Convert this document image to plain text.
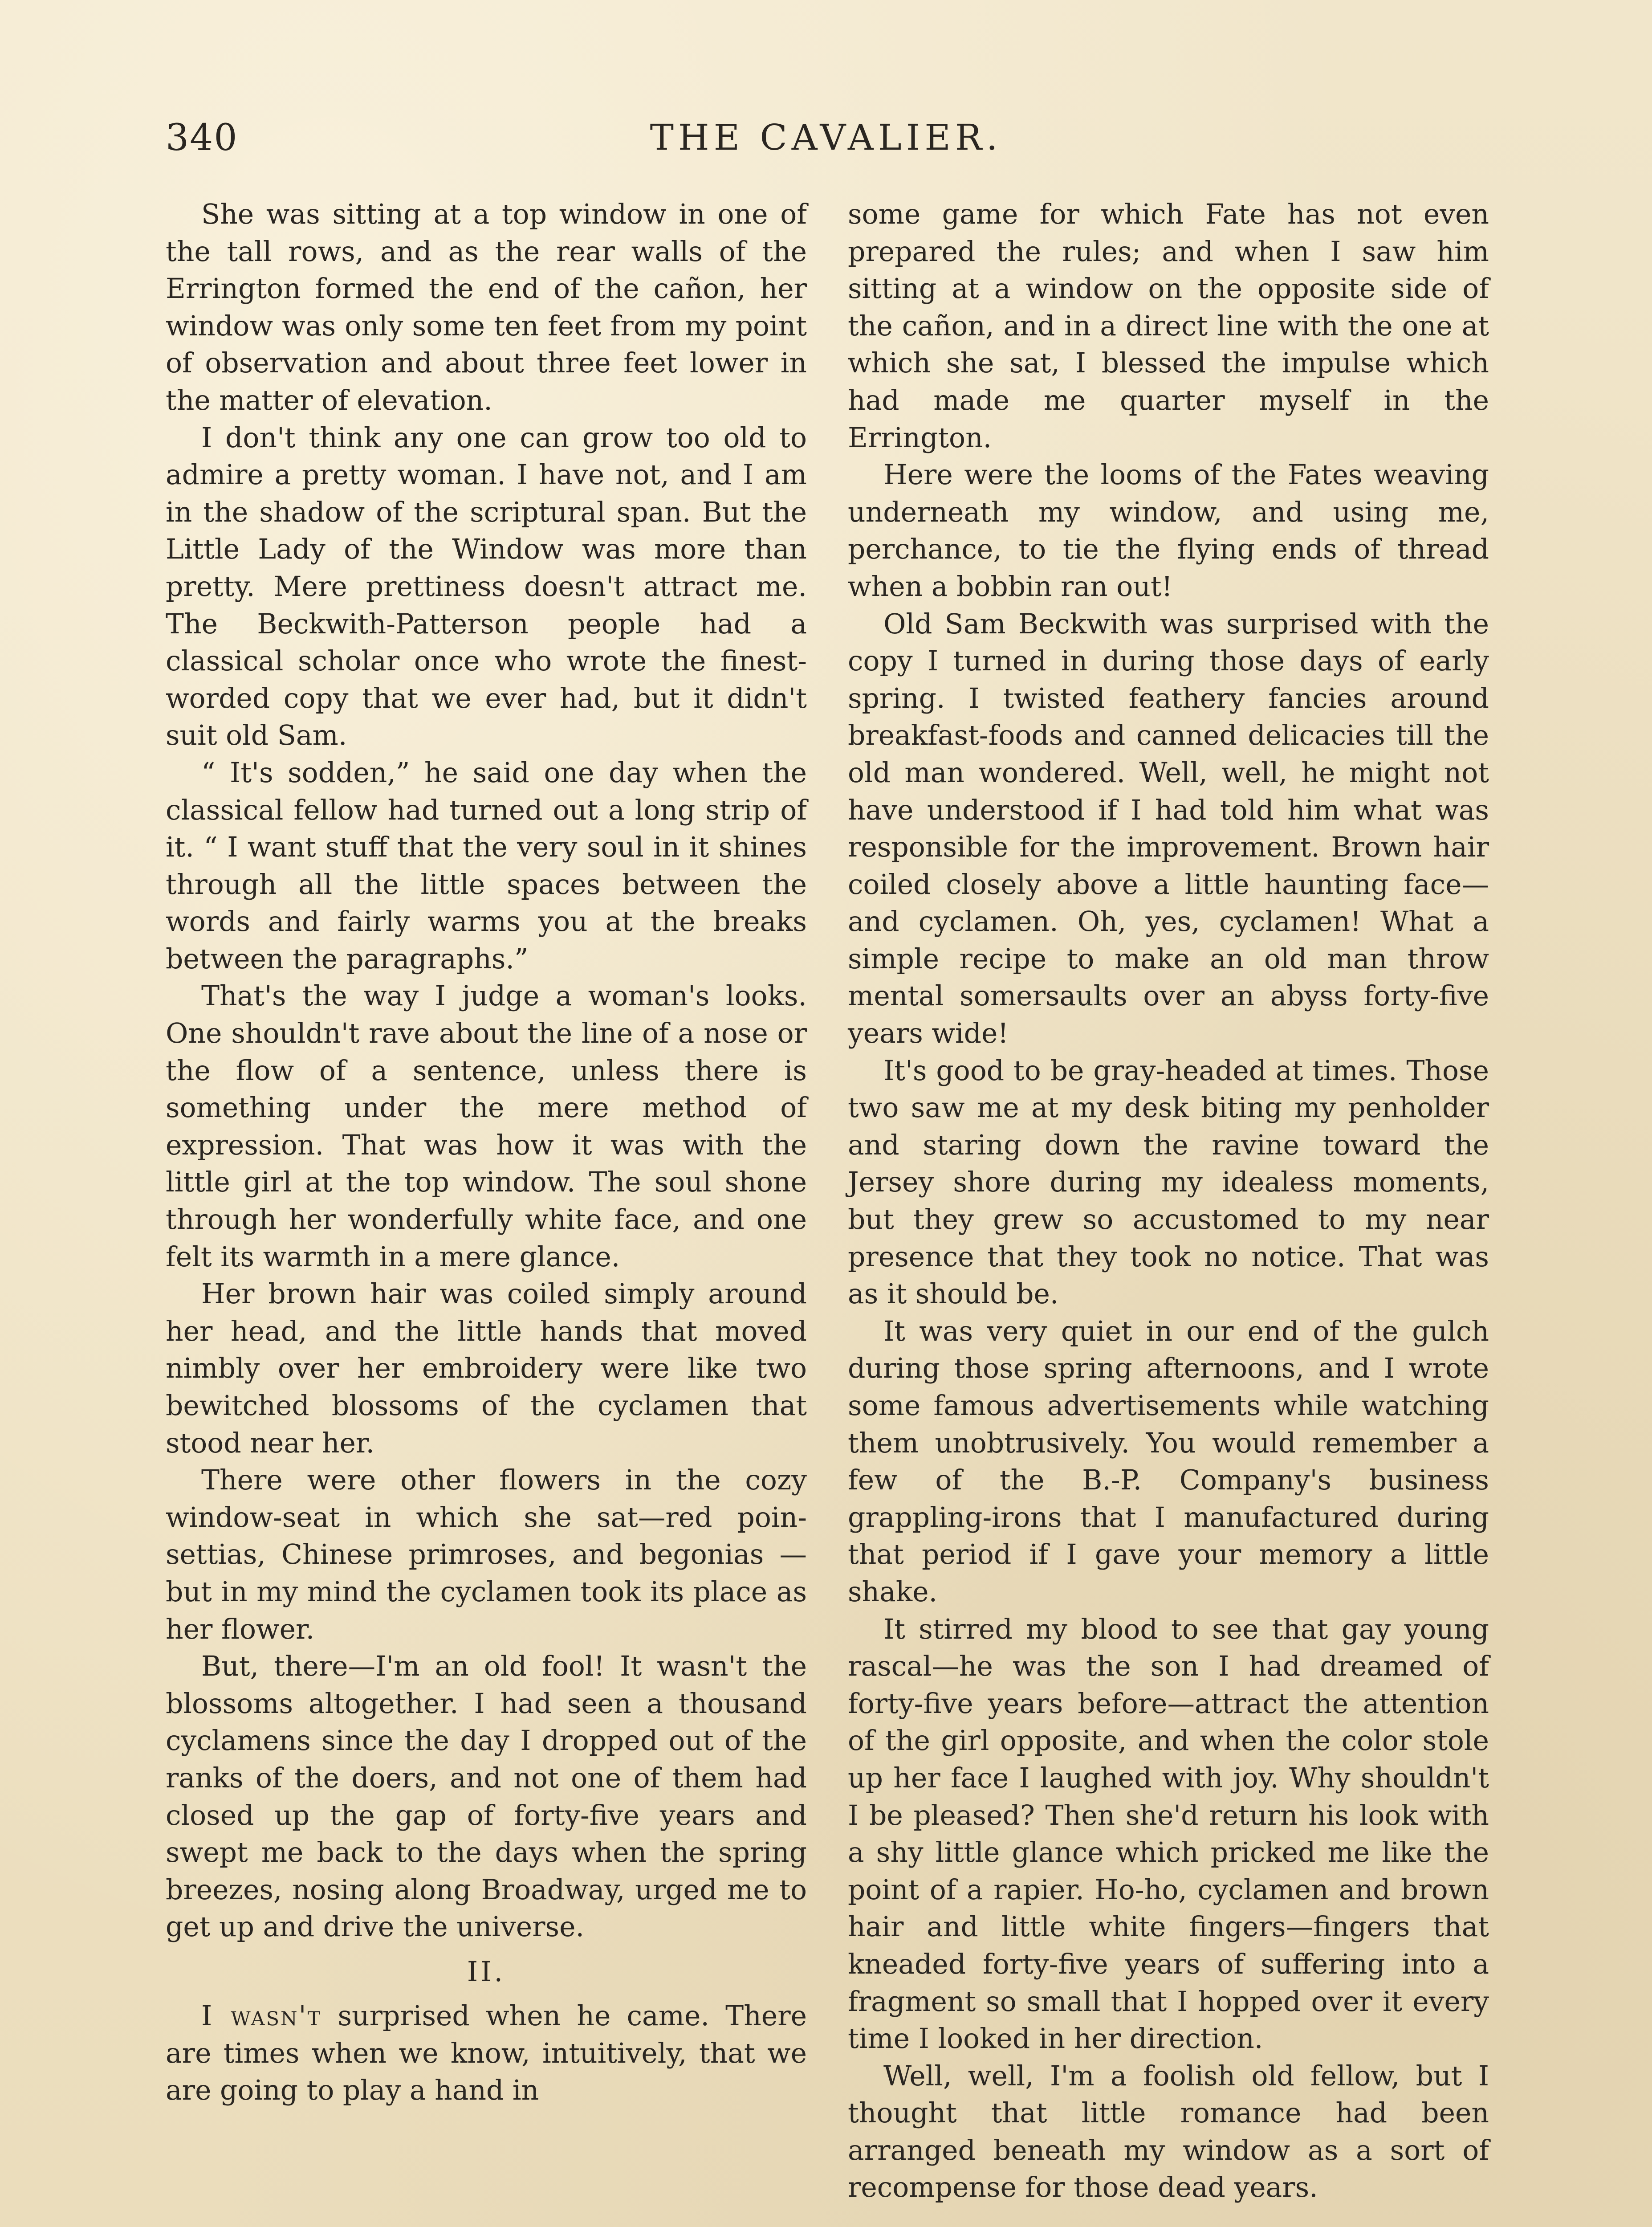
340	THE CAVALIER.

She was sitting at a top window in one of the tall rows, and as the rear walls of the Errington formed the end of the cañon, her window was only some ten feet from my point of observation and about three feet lower in the matter of elevation.

I don't think any one can grow too old to admire a pretty woman. I have not, and I am in the shadow of the scriptural span. But the Little Lady of the Window was more than pretty. Mere prettiness doesn't attract me. The Beckwith-Patterson people had a classical scholar once who wrote the finest-worded copy that we ever had, but it didn't suit old Sam.

“ It's sodden,” he said one day when the classical fellow had turned out a long strip of it. “ I want stuff that the very soul in it shines through all the little spaces between the words and fairly warms you at the breaks between the paragraphs.”

That's the way I judge a woman's looks. One shouldn't rave about the line of a nose or the flow of a sentence, unless there is something under the mere method of expression. That was how it was with the little girl at the top window. The soul shone through her wonderfully white face, and one felt its warmth in a mere glance.

Her brown hair was coiled simply around her head, and the little hands that moved nimbly over her embroidery were like two bewitched blossoms of the cyclamen that stood near her.

There were other flowers in the cozy window-seat in which she sat—red poinsettias, Chinese primroses, and begonias —but in my mind the cyclamen took its place as her flower.

But, there—I'm an old fool! It wasn't the blossoms altogether. I had seen a thousand cyclamens since the day I dropped out of the ranks of the doers, and not one of them had closed up the gap of forty-five years and swept me back to the days when the spring breezes, nosing along Broadway, urged me to get up and drive the universe.

II.

I wasn't surprised when he came. There are times when we know, intuitively, that we are going to play a hand in

some game for which Fate has not even prepared the rules; and when I saw him sitting at a window on the opposite side of the cañon, and in a direct line with the one at which she sat, I blessed the impulse which had made me quarter myself in the Errington.

Here were the looms of the Fates weaving underneath my window, and using me, perchance, to tie the flying ends of thread when a bobbin ran out!

Old Sam Beckwith was surprised with the copy I turned in during those days of early spring. I twisted feathery fancies around breakfast-foods and canned delicacies till the old man wondered. Well, well, he might not have understood if I had told him what was responsible for the improvement. Brown hair coiled closely above a little haunting face—and cyclamen. Oh, yes, cyclamen! What a simple recipe to make an old man throw mental somersaults over an abyss forty-five years wide!

It's good to be gray-headed at times. Those two saw me at my desk biting my penholder and staring down the ravine toward the Jersey shore during my idealess moments, but they grew so accustomed to my near presence that they took no notice. That was as it should be.

It was very quiet in our end of the gulch during those spring afternoons, and I wrote some famous advertisements while watching them unobtrusively. You would remember a few of the B.-P. Company's business grappling-irons that I manufactured during that period if I gave your memory a little shake.

It stirred my blood to see that gay young rascal—he was the son I had dreamed of forty-five years before—attract the attention of the girl opposite, and when the color stole up her face I laughed with joy. Why shouldn't I be pleased? Then she'd return his look with a shy little glance which pricked me like the point of a rapier. Ho-ho, cyclamen and brown hair and little white fingers—fingers that kneaded forty-five years of suffering into a fragment so small that I hopped over it every time I looked in her direction.

Well, well, I'm a foolish old fellow, but I thought that little romance had been arranged beneath my window as a sort of recompense for those dead years.
